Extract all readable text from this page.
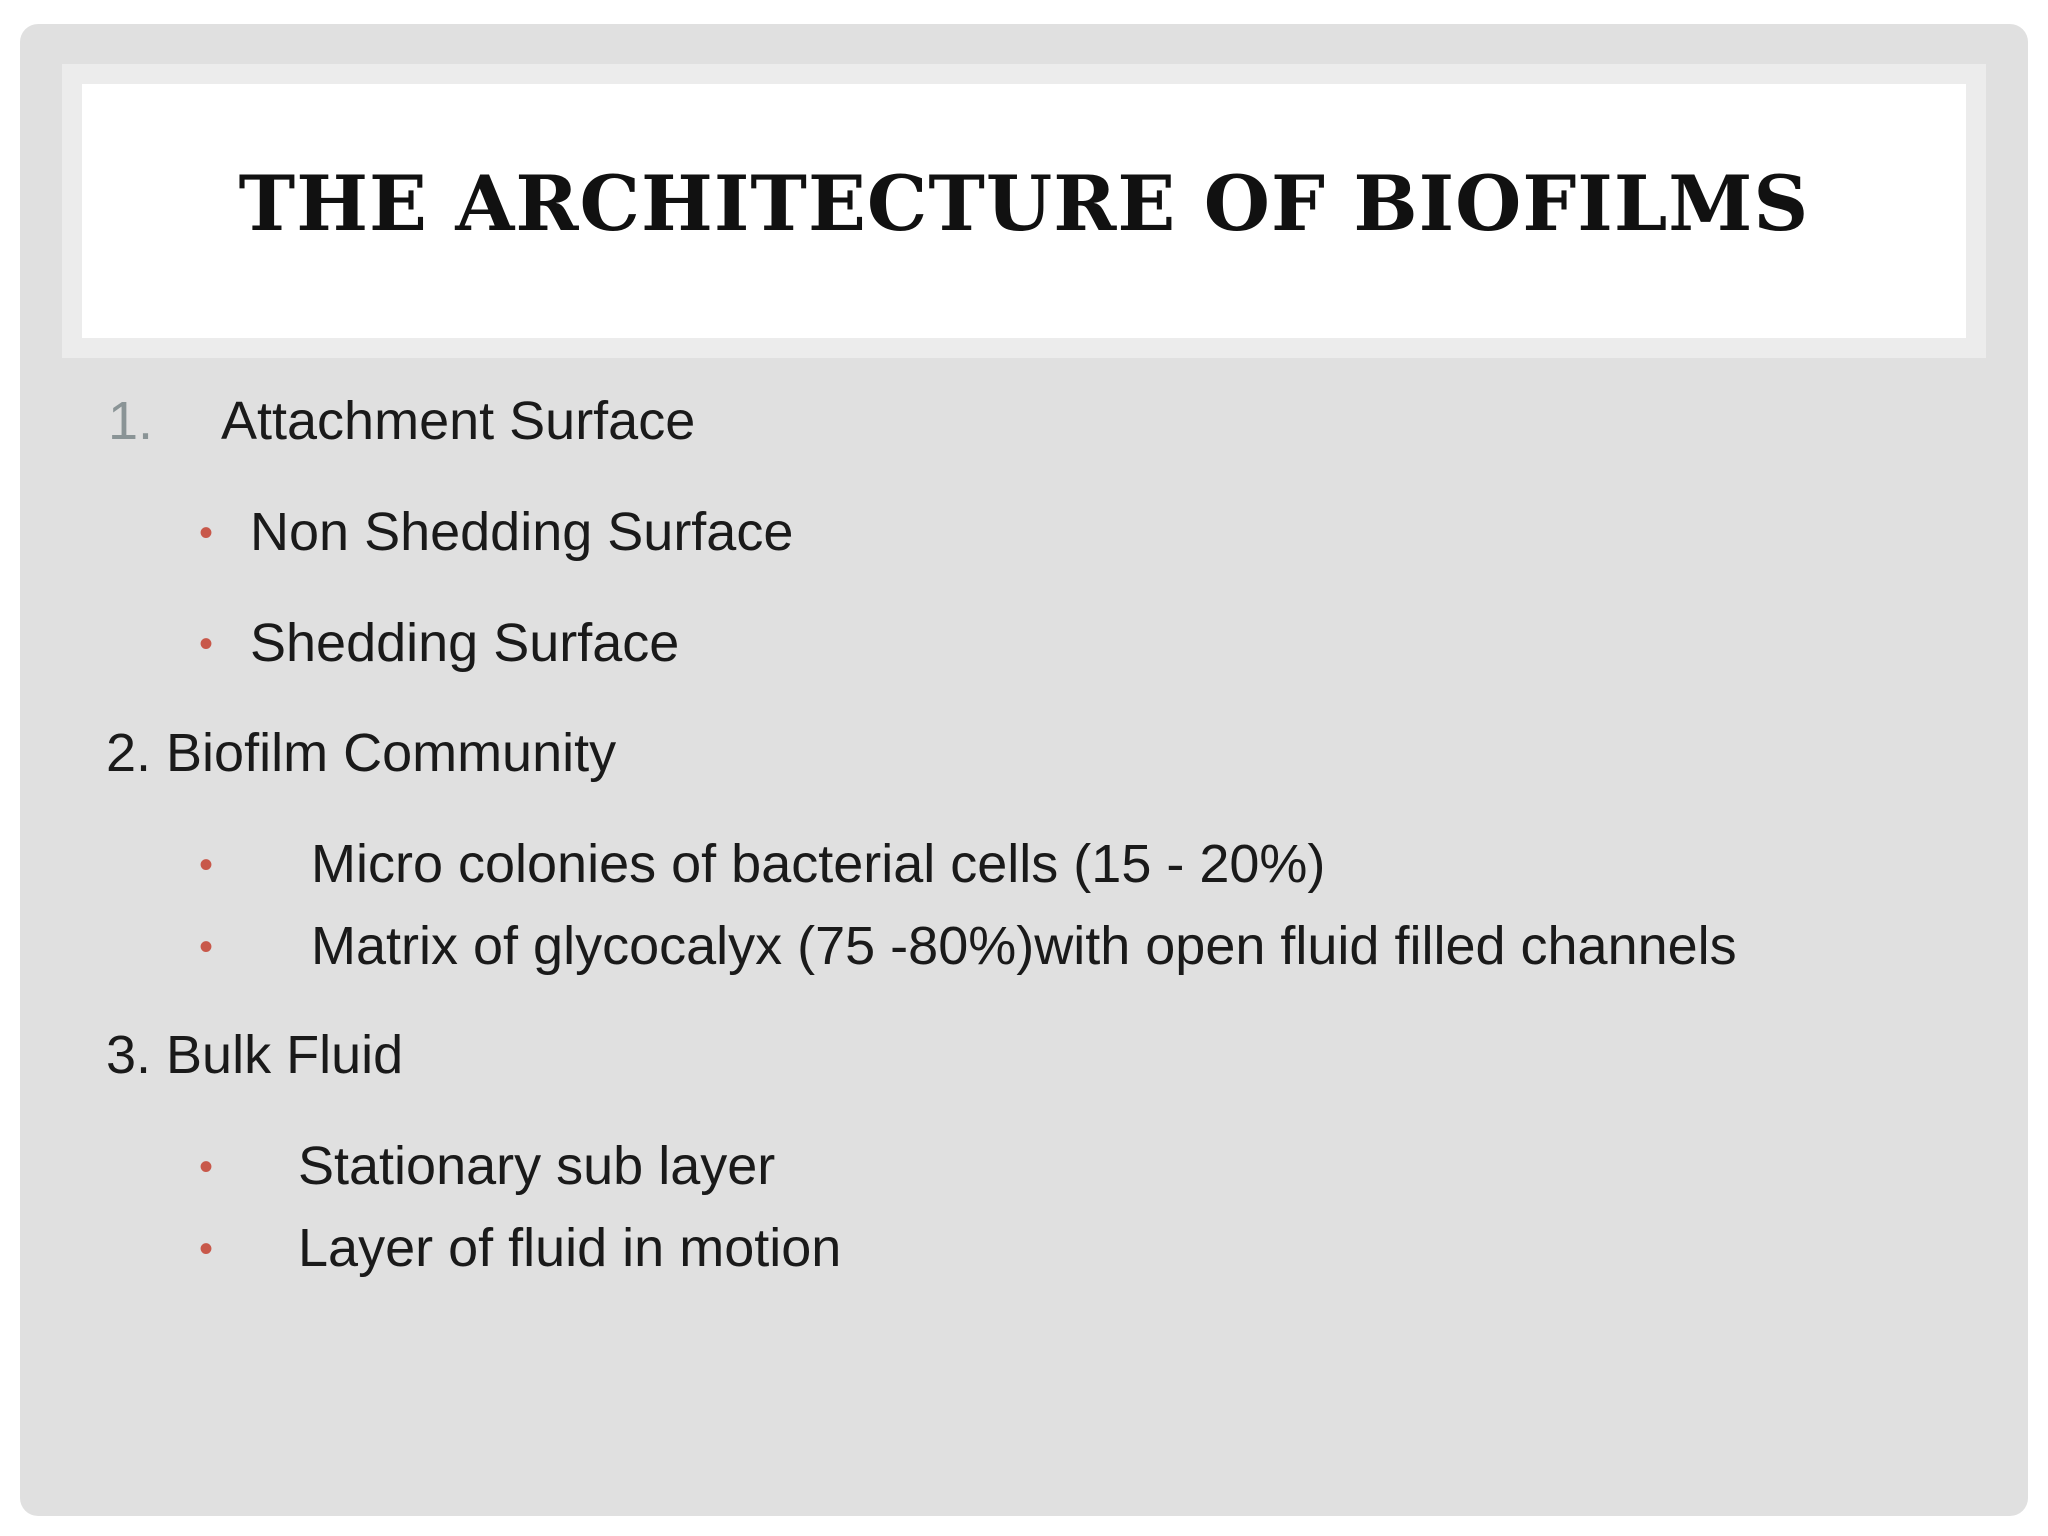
THE ARCHITECTURE OF BIOFILMS
1. Attachment Surface
• Non Shedding Surface
• Shedding Surface
2. Biofilm Community
• Micro colonies of bacterial cells (15 - 20%)
• Matrix of glycocalyx (75 -80%)with open fluid filled channels
3. Bulk Fluid
• Stationary sub layer
• Layer of fluid in motion
